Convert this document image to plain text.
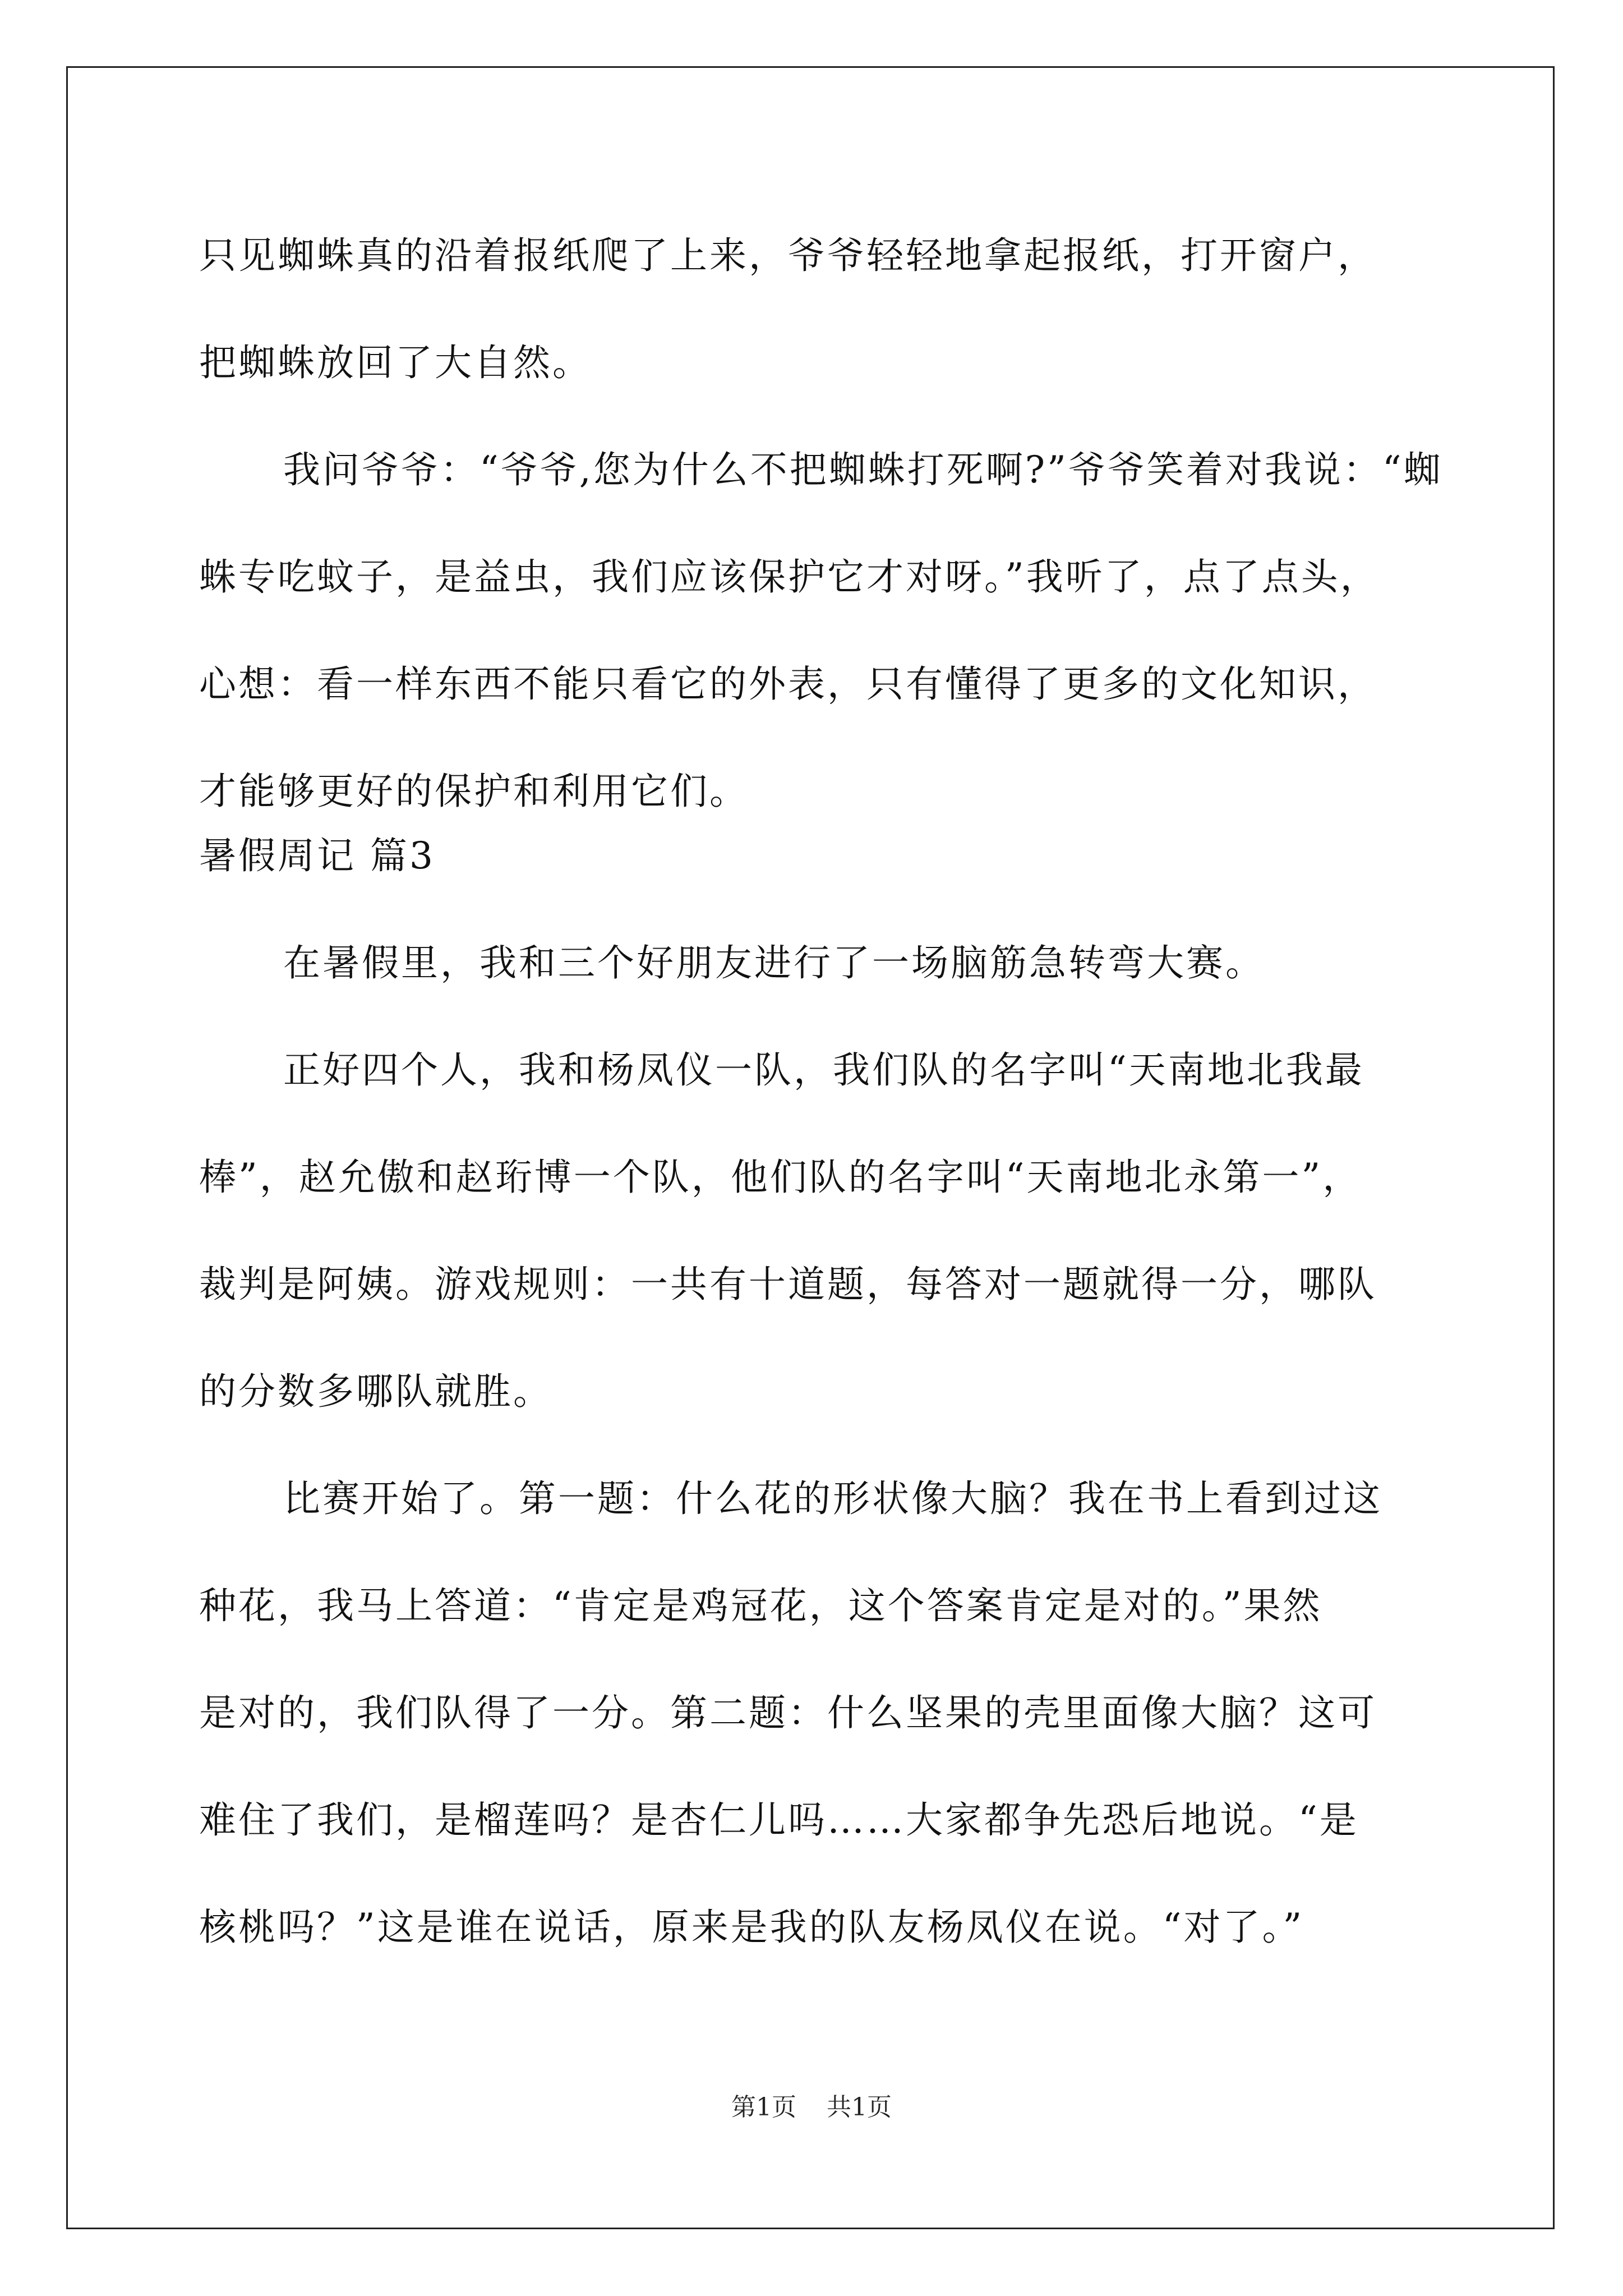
只见蜘蛛真的沿着报纸爬了上来，爷爷轻轻地拿起报纸，打开窗户，
把蜘蛛放回了大自然。
我问爷爷：“爷爷,您为什么不把蜘蛛打死啊?”爷爷笑着对我说：“蜘
蛛专吃蚊子，是益虫，我们应该保护它才对呀。”我听了，点了点头，
心想：看一样东西不能只看它的外表，只有懂得了更多的文化知识，
才能够更好的保护和利用它们。
暑假周记 篇3
在暑假里，我和三个好朋友进行了一场脑筋急转弯大赛。
正好四个人，我和杨凤仪一队，我们队的名字叫“天南地北我最
棒”，赵允傲和赵珩博一个队，他们队的名字叫“天南地北永第一”，
裁判是阿姨。游戏规则：一共有十道题，每答对一题就得一分，哪队
的分数多哪队就胜。
比赛开始了。第一题：什么花的形状像大脑？我在书上看到过这
种花，我马上答道：“肯定是鸡冠花，这个答案肯定是对的。”果然
是对的，我们队得了一分。第二题：什么坚果的壳里面像大脑？这可
难住了我们，是榴莲吗？是杏仁儿吗……大家都争先恐后地说。“是
核桃吗？”这是谁在说话，原来是我的队友杨凤仪在说。“对了。”
第1页 共1页
